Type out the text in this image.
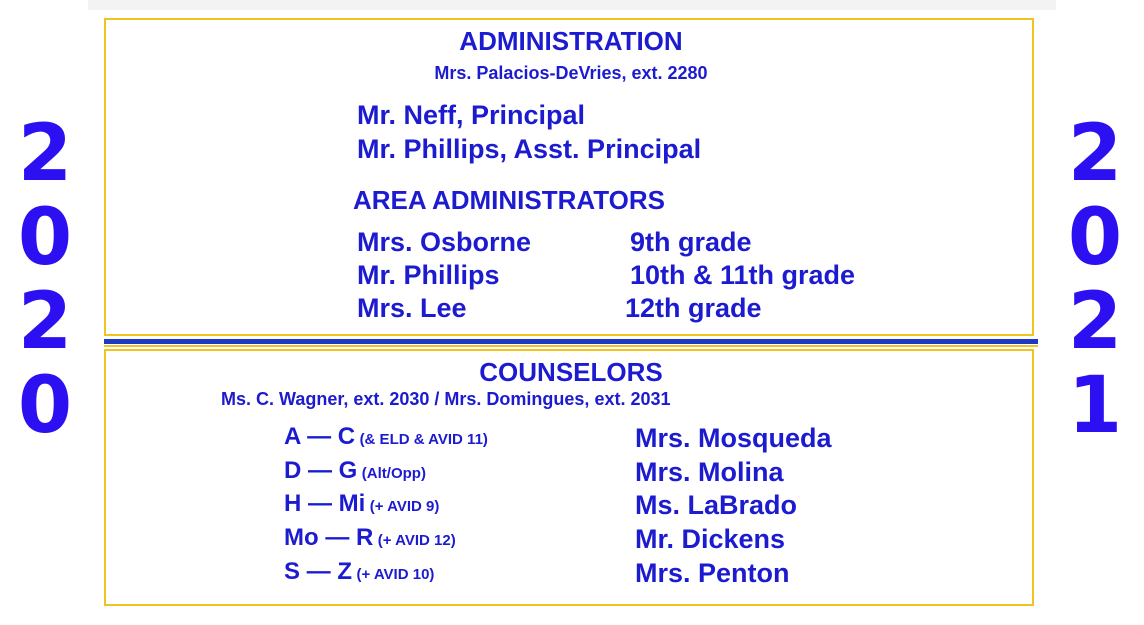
2
0
2
0
2
0
2
1
ADMINISTRATION
Mrs. Palacios-DeVries, ext. 2280
Mr. Neff, Principal
Mr. Phillips, Asst. Principal
AREA ADMINISTRATORS
Mrs. Osborne	9th grade
Mr. Phillips	10th & 11th grade
Mrs. Lee	12th grade
COUNSELORS
Ms. C. Wagner, ext. 2030 / Mrs. Domingues, ext. 2031
A — C (& ELD & AVID 11)	Mrs. Mosqueda
D — G (Alt/Opp)	Mrs. Molina
H — Mi (+ AVID 9)	Ms. LaBrado
Mo — R (+ AVID 12)	Mr. Dickens
S — Z (+ AVID 10)	Mrs. Penton
